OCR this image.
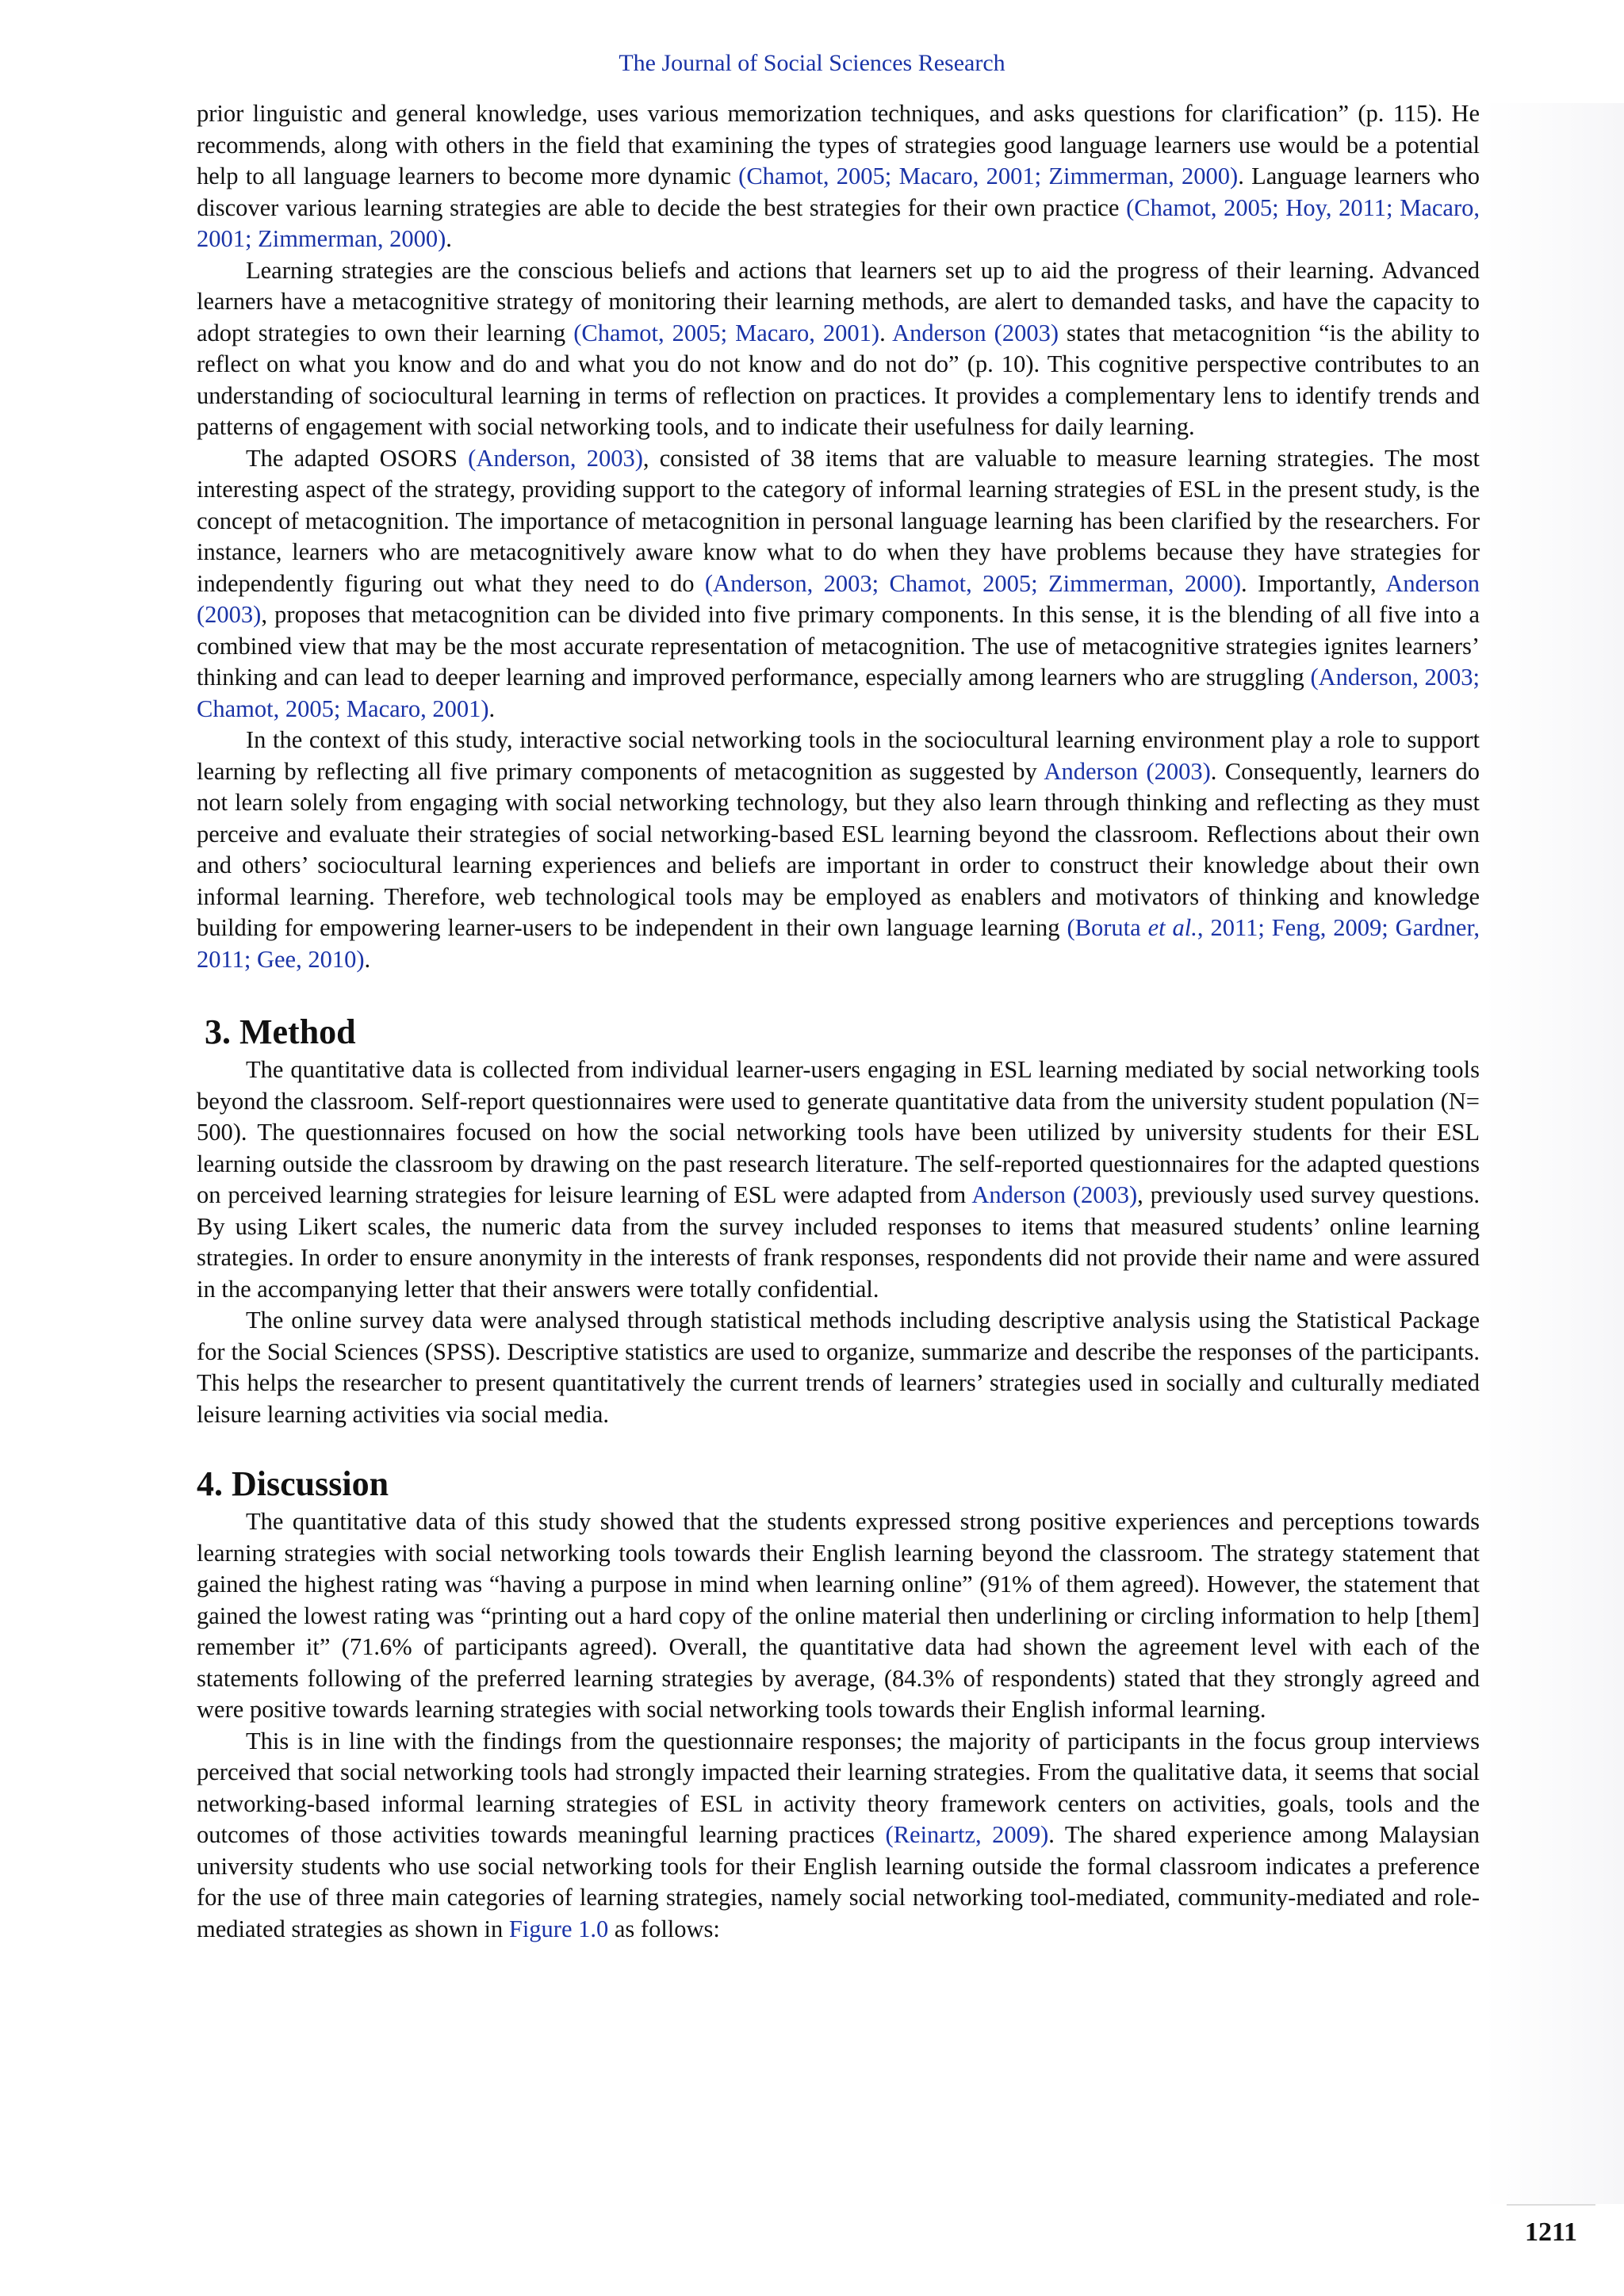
The Journal of Social Sciences Research

prior linguistic and general knowledge, uses various memorization techniques, and asks questions for clarification” (p. 115). He recommends, along with others in the field that examining the types of strategies good language learners use would be a potential help to all language learners to become more dynamic (Chamot, 2005; Macaro, 2001; Zimmerman, 2000). Language learners who discover various learning strategies are able to decide the best strategies for their own practice (Chamot, 2005; Hoy, 2011; Macaro, 2001; Zimmerman, 2000).

Learning strategies are the conscious beliefs and actions that learners set up to aid the progress of their learning. Advanced learners have a metacognitive strategy of monitoring their learning methods, are alert to demanded tasks, and have the capacity to adopt strategies to own their learning (Chamot, 2005; Macaro, 2001). Anderson (2003) states that metacognition “is the ability to reflect on what you know and do and what you do not know and do not do” (p. 10). This cognitive perspective contributes to an understanding of sociocultural learning in terms of reflection on practices. It provides a complementary lens to identify trends and patterns of engagement with social networking tools, and to indicate their usefulness for daily learning.

The adapted OSORS (Anderson, 2003), consisted of 38 items that are valuable to measure learning strategies. The most interesting aspect of the strategy, providing support to the category of informal learning strategies of ESL in the present study, is the concept of metacognition. The importance of metacognition in personal language learning has been clarified by the researchers. For instance, learners who are metacognitively aware know what to do when they have problems because they have strategies for independently figuring out what they need to do (Anderson, 2003; Chamot, 2005; Zimmerman, 2000). Importantly, Anderson (2003), proposes that metacognition can be divided into five primary components. In this sense, it is the blending of all five into a combined view that may be the most accurate representation of metacognition. The use of metacognitive strategies ignites learners’ thinking and can lead to deeper learning and improved performance, especially among learners who are struggling (Anderson, 2003; Chamot, 2005; Macaro, 2001).

In the context of this study, interactive social networking tools in the sociocultural learning environment play a role to support learning by reflecting all five primary components of metacognition as suggested by Anderson (2003). Consequently, learners do not learn solely from engaging with social networking technology, but they also learn through thinking and reflecting as they must perceive and evaluate their strategies of social networking-based ESL learning beyond the classroom. Reflections about their own and others’ sociocultural learning experiences and beliefs are important in order to construct their knowledge about their own informal learning. Therefore, web technological tools may be employed as enablers and motivators of thinking and knowledge building for empowering learner-users to be independent in their own language learning (Boruta et al., 2011; Feng, 2009; Gardner, 2011; Gee, 2010).

3. Method

The quantitative data is collected from individual learner-users engaging in ESL learning mediated by social networking tools beyond the classroom. Self-report questionnaires were used to generate quantitative data from the university student population (N= 500). The questionnaires focused on how the social networking tools have been utilized by university students for their ESL learning outside the classroom by drawing on the past research literature. The self-reported questionnaires for the adapted questions on perceived learning strategies for leisure learning of ESL were adapted from Anderson (2003), previously used survey questions. By using Likert scales, the numeric data from the survey included responses to items that measured students’ online learning strategies. In order to ensure anonymity in the interests of frank responses, respondents did not provide their name and were assured in the accompanying letter that their answers were totally confidential.

The online survey data were analysed through statistical methods including descriptive analysis using the Statistical Package for the Social Sciences (SPSS). Descriptive statistics are used to organize, summarize and describe the responses of the participants. This helps the researcher to present quantitatively the current trends of learners’ strategies used in socially and culturally mediated leisure learning activities via social media.

4. Discussion

The quantitative data of this study showed that the students expressed strong positive experiences and perceptions towards learning strategies with social networking tools towards their English learning beyond the classroom. The strategy statement that gained the highest rating was “having a purpose in mind when learning online” (91% of them agreed). However, the statement that gained the lowest rating was “printing out a hard copy of the online material then underlining or circling information to help [them] remember it” (71.6% of participants agreed). Overall, the quantitative data had shown the agreement level with each of the statements following of the preferred learning strategies by average, (84.3% of respondents) stated that they strongly agreed and were positive towards learning strategies with social networking tools towards their English informal learning.

This is in line with the findings from the questionnaire responses; the majority of participants in the focus group interviews perceived that social networking tools had strongly impacted their learning strategies. From the qualitative data, it seems that social networking-based informal learning strategies of ESL in activity theory framework centers on activities, goals, tools and the outcomes of those activities towards meaningful learning practices (Reinartz, 2009). The shared experience among Malaysian university students who use social networking tools for their English learning outside the formal classroom indicates a preference for the use of three main categories of learning strategies, namely social networking tool-mediated, community-mediated and role-mediated strategies as shown in Figure 1.0 as follows:

1211
